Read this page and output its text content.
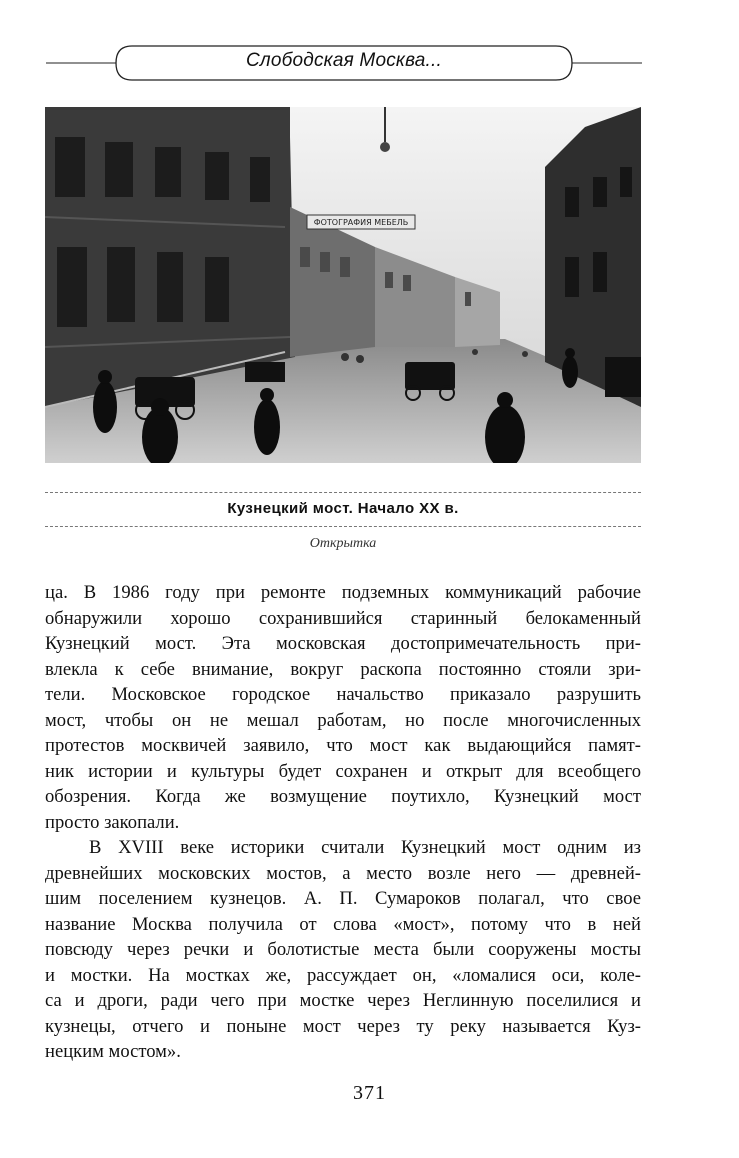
Слободская Москва...
ФОТОГРАФИЯ МЕБЕЛЬ
Кузнецкий мост. Начало XX в.
Открытка
ца. В 1986 году при ремонте подземных коммуникаций рабочие
обнаружили хорошо сохранившийся старинный белокаменный
Кузнецкий мост. Эта московская достопримечательность при-
влекла к себе внимание, вокруг раскопа постоянно стояли зри-
тели. Московское городское начальство приказало разрушить
мост, чтобы он не мешал работам, но после многочисленных
протестов москвичей заявило, что мост как выдающийся памят-
ник истории и культуры будет сохранен и открыт для всеобщего
обозрения. Когда же возмущение поутихло, Кузнецкий мост
просто закопали.
В XVIII веке историки считали Кузнецкий мост одним из
древнейших московских мостов, а место возле него — древней-
шим поселением кузнецов. А. П. Сумароков полагал, что свое
название Москва получила от слова «мост», потому что в ней
повсюду через речки и болотистые места были сооружены мосты
и мостки. На мостках же, рассуждает он, «ломалися оси, коле-
са и дроги, ради чего при мостке через Неглинную поселилися и
кузнецы, отчего и поныне мост через ту реку называется Куз-
нецким мостом».
371
